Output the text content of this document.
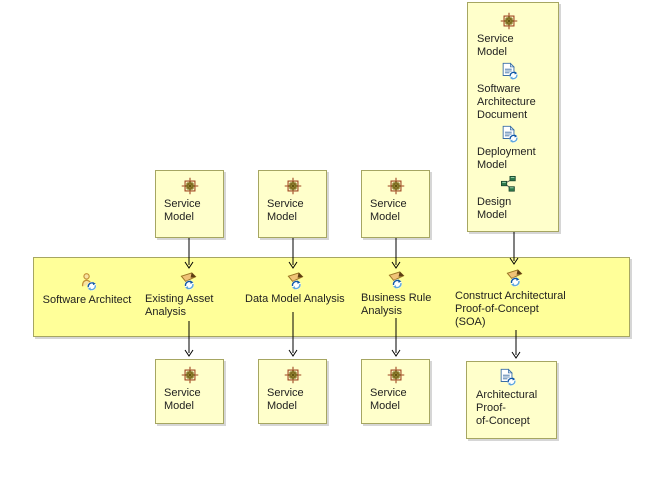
Service
Model
Software
Architecture
Document
Deployment
Model
Design
Model
Service
Model
Service
Model
Service
Model
Software Architect	Existing Asset
Analysis
Data Model Analysis Business Rule
Analysis
Construct Architectural
Proof-of-Concept
(SOA)
Service
Model
Service
Model
Service
Model
Architectural
Proof-
of-Concept
